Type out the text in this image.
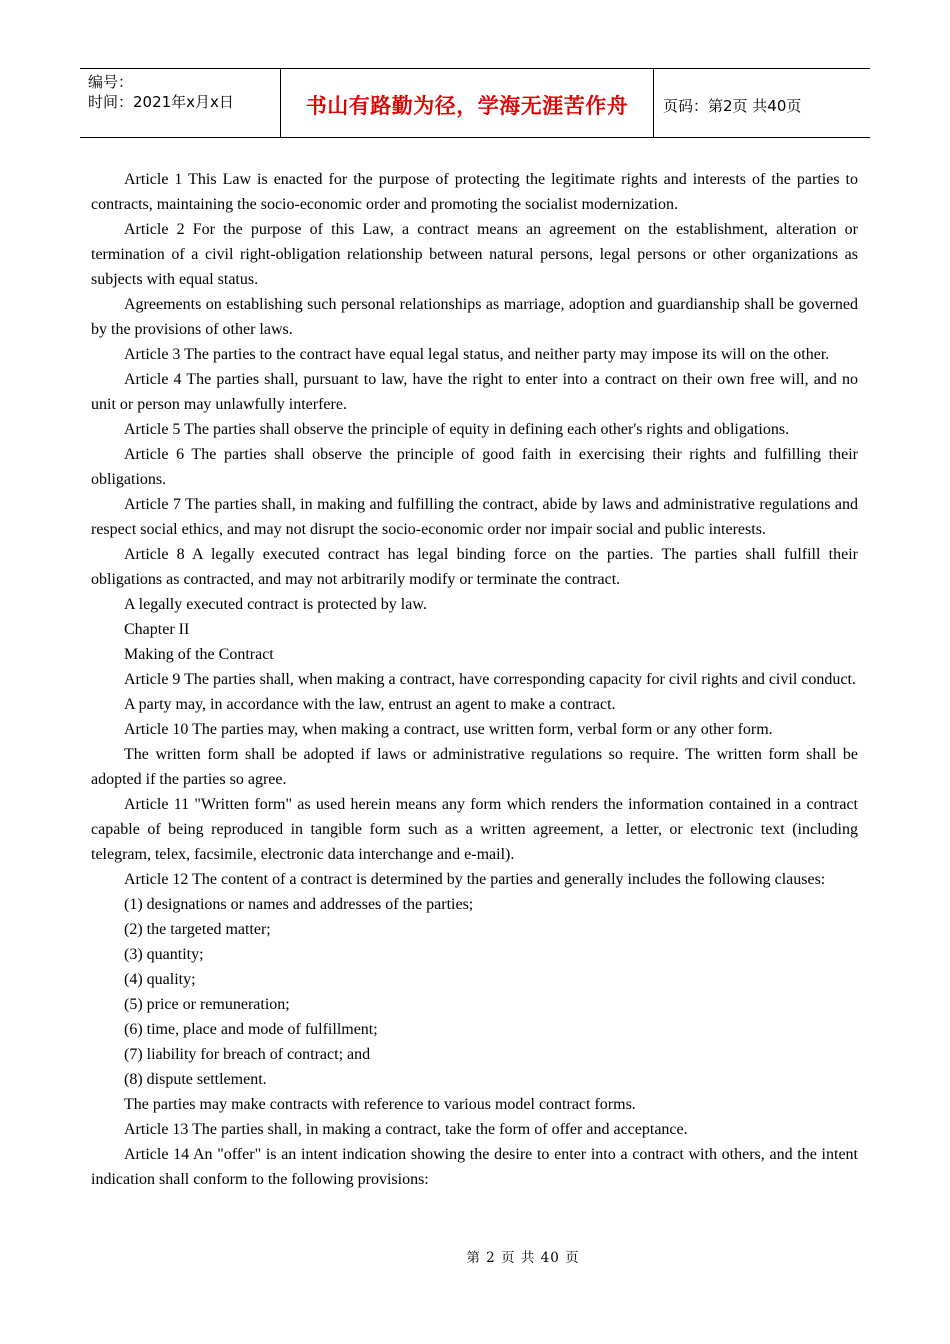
编号：
时间：2021年x月x日	书山有路勤为径，学海无涯苦作舟 页码：第2页 共40页

Article 1 This Law is enacted for the purpose of protecting the legitimate rights and interests of the parties to contracts, maintaining the socio-economic order and promoting the socialist modernization.

Article 2 For the purpose of this Law, a contract means an agreement on the establishment, alteration or termination of a civil right-obligation relationship between natural persons, legal persons or other organizations as subjects with equal status.

Agreements on establishing such personal relationships as marriage, adoption and guardianship shall be governed by the provisions of other laws.

Article 3 The parties to the contract have equal legal status, and neither party may impose its will on the other.

Article 4 The parties shall, pursuant to law, have the right to enter into a contract on their own free will, and no unit or person may unlawfully interfere.

Article 5 The parties shall observe the principle of equity in defining each other's rights and obligations.

Article 6 The parties shall observe the principle of good faith in exercising their rights and fulfilling their obligations.

Article 7 The parties shall, in making and fulfilling the contract, abide by laws and administrative regulations and respect social ethics, and may not disrupt the socio-economic order nor impair social and public interests.

Article 8 A legally executed contract has legal binding force on the parties. The parties shall fulfill their obligations as contracted, and may not arbitrarily modify or terminate the contract.

A legally executed contract is protected by law.

Chapter II

Making of the Contract

Article 9 The parties shall, when making a contract, have corresponding capacity for civil rights and civil conduct.

A party may, in accordance with the law, entrust an agent to make a contract.

Article 10 The parties may, when making a contract, use written form, verbal form or any other form.

The written form shall be adopted if laws or administrative regulations so require. The written form shall be adopted if the parties so agree.

Article 11 "Written form" as used herein means any form which renders the information contained in a contract capable of being reproduced in tangible form such as a written agreement, a letter, or electronic text (including telegram, telex, facsimile, electronic data interchange and e-mail).

Article 12 The content of a contract is determined by the parties and generally includes the following clauses:

(1) designations or names and addresses of the parties;

(2) the targeted matter;

(3) quantity;

(4) quality;

(5) price or remuneration;

(6) time, place and mode of fulfillment;

(7) liability for breach of contract; and

(8) dispute settlement.

The parties may make contracts with reference to various model contract forms.

Article 13 The parties shall, in making a contract, take the form of offer and acceptance.

Article 14 An "offer" is an intent indication showing the desire to enter into a contract with others, and the intent indication shall conform to the following provisions:

第 2 页 共 40 页
